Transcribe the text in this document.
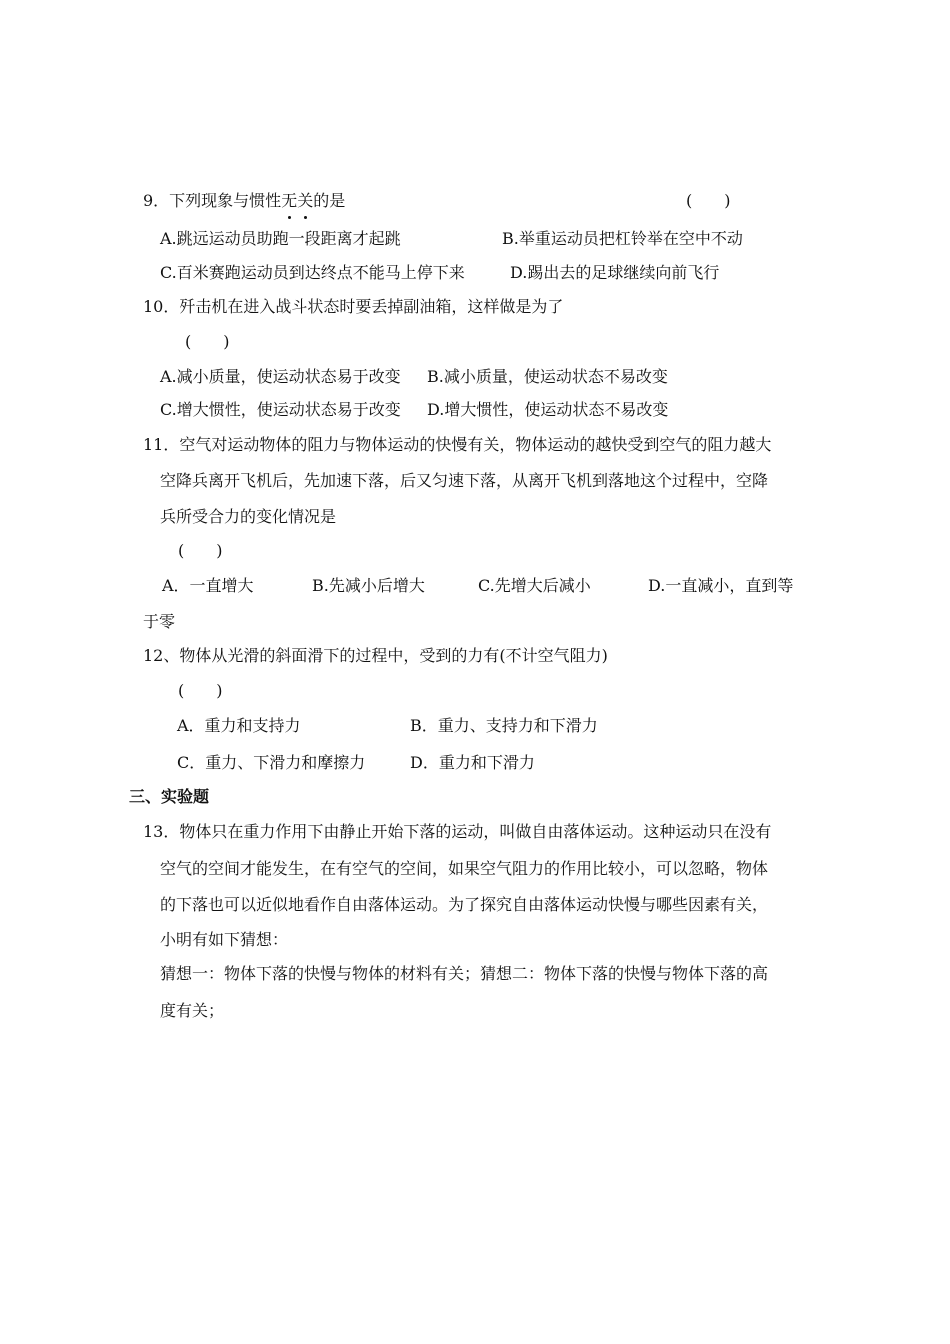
9．下列现象与惯性无关的是	(　　)
A.跳远运动员助跑一段距离才起跳	B.举重运动员把杠铃举在空中不动
C.百米赛跑运动员到达终点不能马上停下来	D.踢出去的足球继续向前飞行
10．歼击机在进入战斗状态时要丢掉副油箱，这样做是为了
(　　)
A.减小质量，使运动状态易于改变 B.减小质量，使运动状态不易改变
C.增大惯性，使运动状态易于改变 D.增大惯性，使运动状态不易改变
11．空气对运动物体的阻力与物体运动的快慢有关，物体运动的越快受到空气的阻力越大
空降兵离开飞机后，先加速下落，后又匀速下落，从离开飞机到落地这个过程中，空降
兵所受合力的变化情况是
(　　)
A．一直增大	B.先减小后增大	C.先增大后减小	D.一直减小，直到等
于零
12、物体从光滑的斜面滑下的过程中，受到的力有(不计空气阻力)
(　　)
A．重力和支持力	B．重力、支持力和下滑力
C．重力、下滑力和摩擦力	D．重力和下滑力
三、实验题
13．物体只在重力作用下由静止开始下落的运动，叫做自由落体运动。这种运动只在没有
空气的空间才能发生，在有空气的空间，如果空气阻力的作用比较小，可以忽略，物体
的下落也可以近似地看作自由落体运动。为了探究自由落体运动快慢与哪些因素有关，
小明有如下猜想：
猜想一：物体下落的快慢与物体的材料有关；猜想二：物体下落的快慢与物体下落的高
度有关；
